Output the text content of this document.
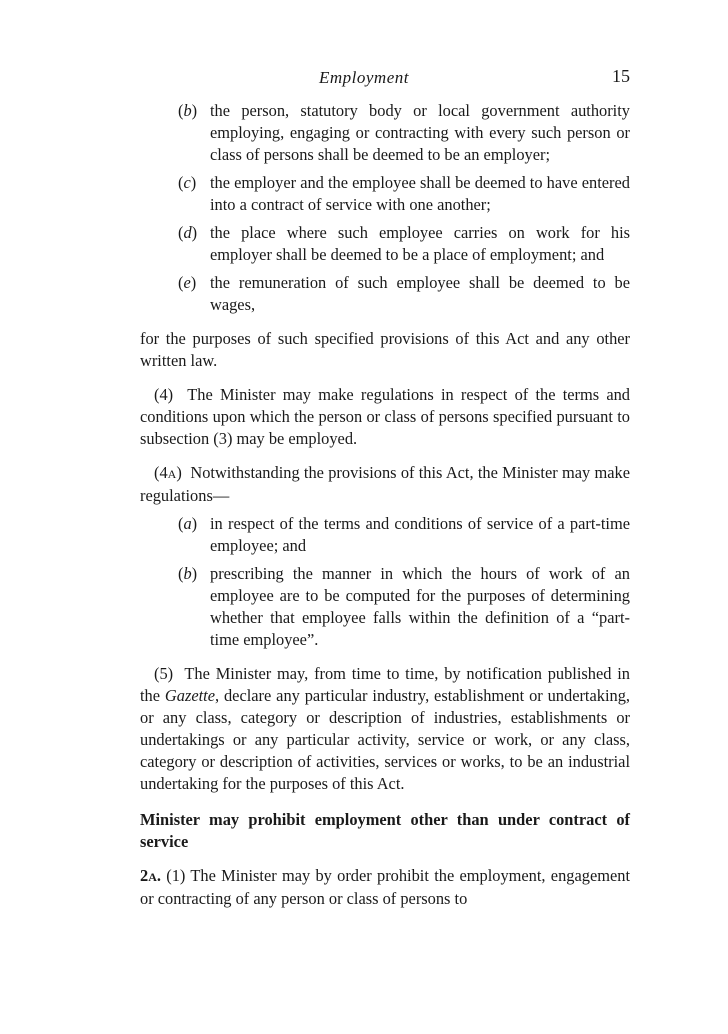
Employment	15
(b) the person, statutory body or local government authority employing, engaging or contracting with every such person or class of persons shall be deemed to be an employer;
(c) the employer and the employee shall be deemed to have entered into a contract of service with one another;
(d) the place where such employee carries on work for his employer shall be deemed to be a place of employment; and
(e) the remuneration of such employee shall be deemed to be wages,
for the purposes of such specified provisions of this Act and any other written law.
(4) The Minister may make regulations in respect of the terms and conditions upon which the person or class of persons specified pursuant to subsection (3) may be employed.
(4A) Notwithstanding the provisions of this Act, the Minister may make regulations—
(a) in respect of the terms and conditions of service of a part-time employee; and
(b) prescribing the manner in which the hours of work of an employee are to be computed for the purposes of determining whether that employee falls within the definition of a “part-time employee”.
(5) The Minister may, from time to time, by notification published in the Gazette, declare any particular industry, establishment or undertaking, or any class, category or description of industries, establishments or undertakings or any particular activity, service or work, or any class, category or description of activities, services or works, to be an industrial undertaking for the purposes of this Act.
Minister may prohibit employment other than under contract of service
2A. (1) The Minister may by order prohibit the employment, engagement or contracting of any person or class of persons to
